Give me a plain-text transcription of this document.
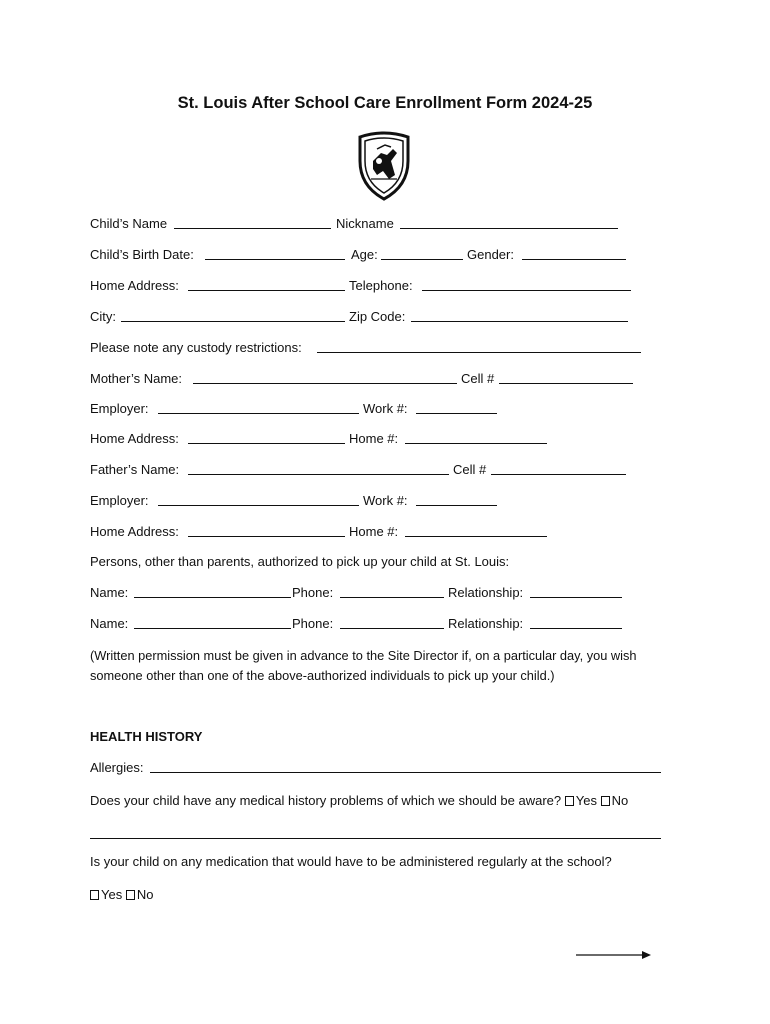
St. Louis After School Care Enrollment Form 2024-25
Child’s Name	Nickname
Child’s Birth Date:	Age:	Gender:
Home Address:	Telephone:
City:	Zip Code:
Please note any custody restrictions:
Mother’s Name:	Cell #
Employer:	Work #:
Home Address:	Home #:
Father’s Name:	Cell #
Employer:	Work #:
Home Address:	Home #:
Persons, other than parents, authorized to pick up your child at St. Louis:
Name:	Phone:	Relationship:
Name:	Phone:	Relationship:
(Written permission must be given in advance to the Site Director if, on a particular day, you wish someone other than one of the above-authorized individuals to pick up your child.)
HEALTH HISTORY
Allergies:
Does your child have any medical history problems of which we should be aware? Yes No
Is your child on any medication that would have to be administered regularly at the school?
Yes No
